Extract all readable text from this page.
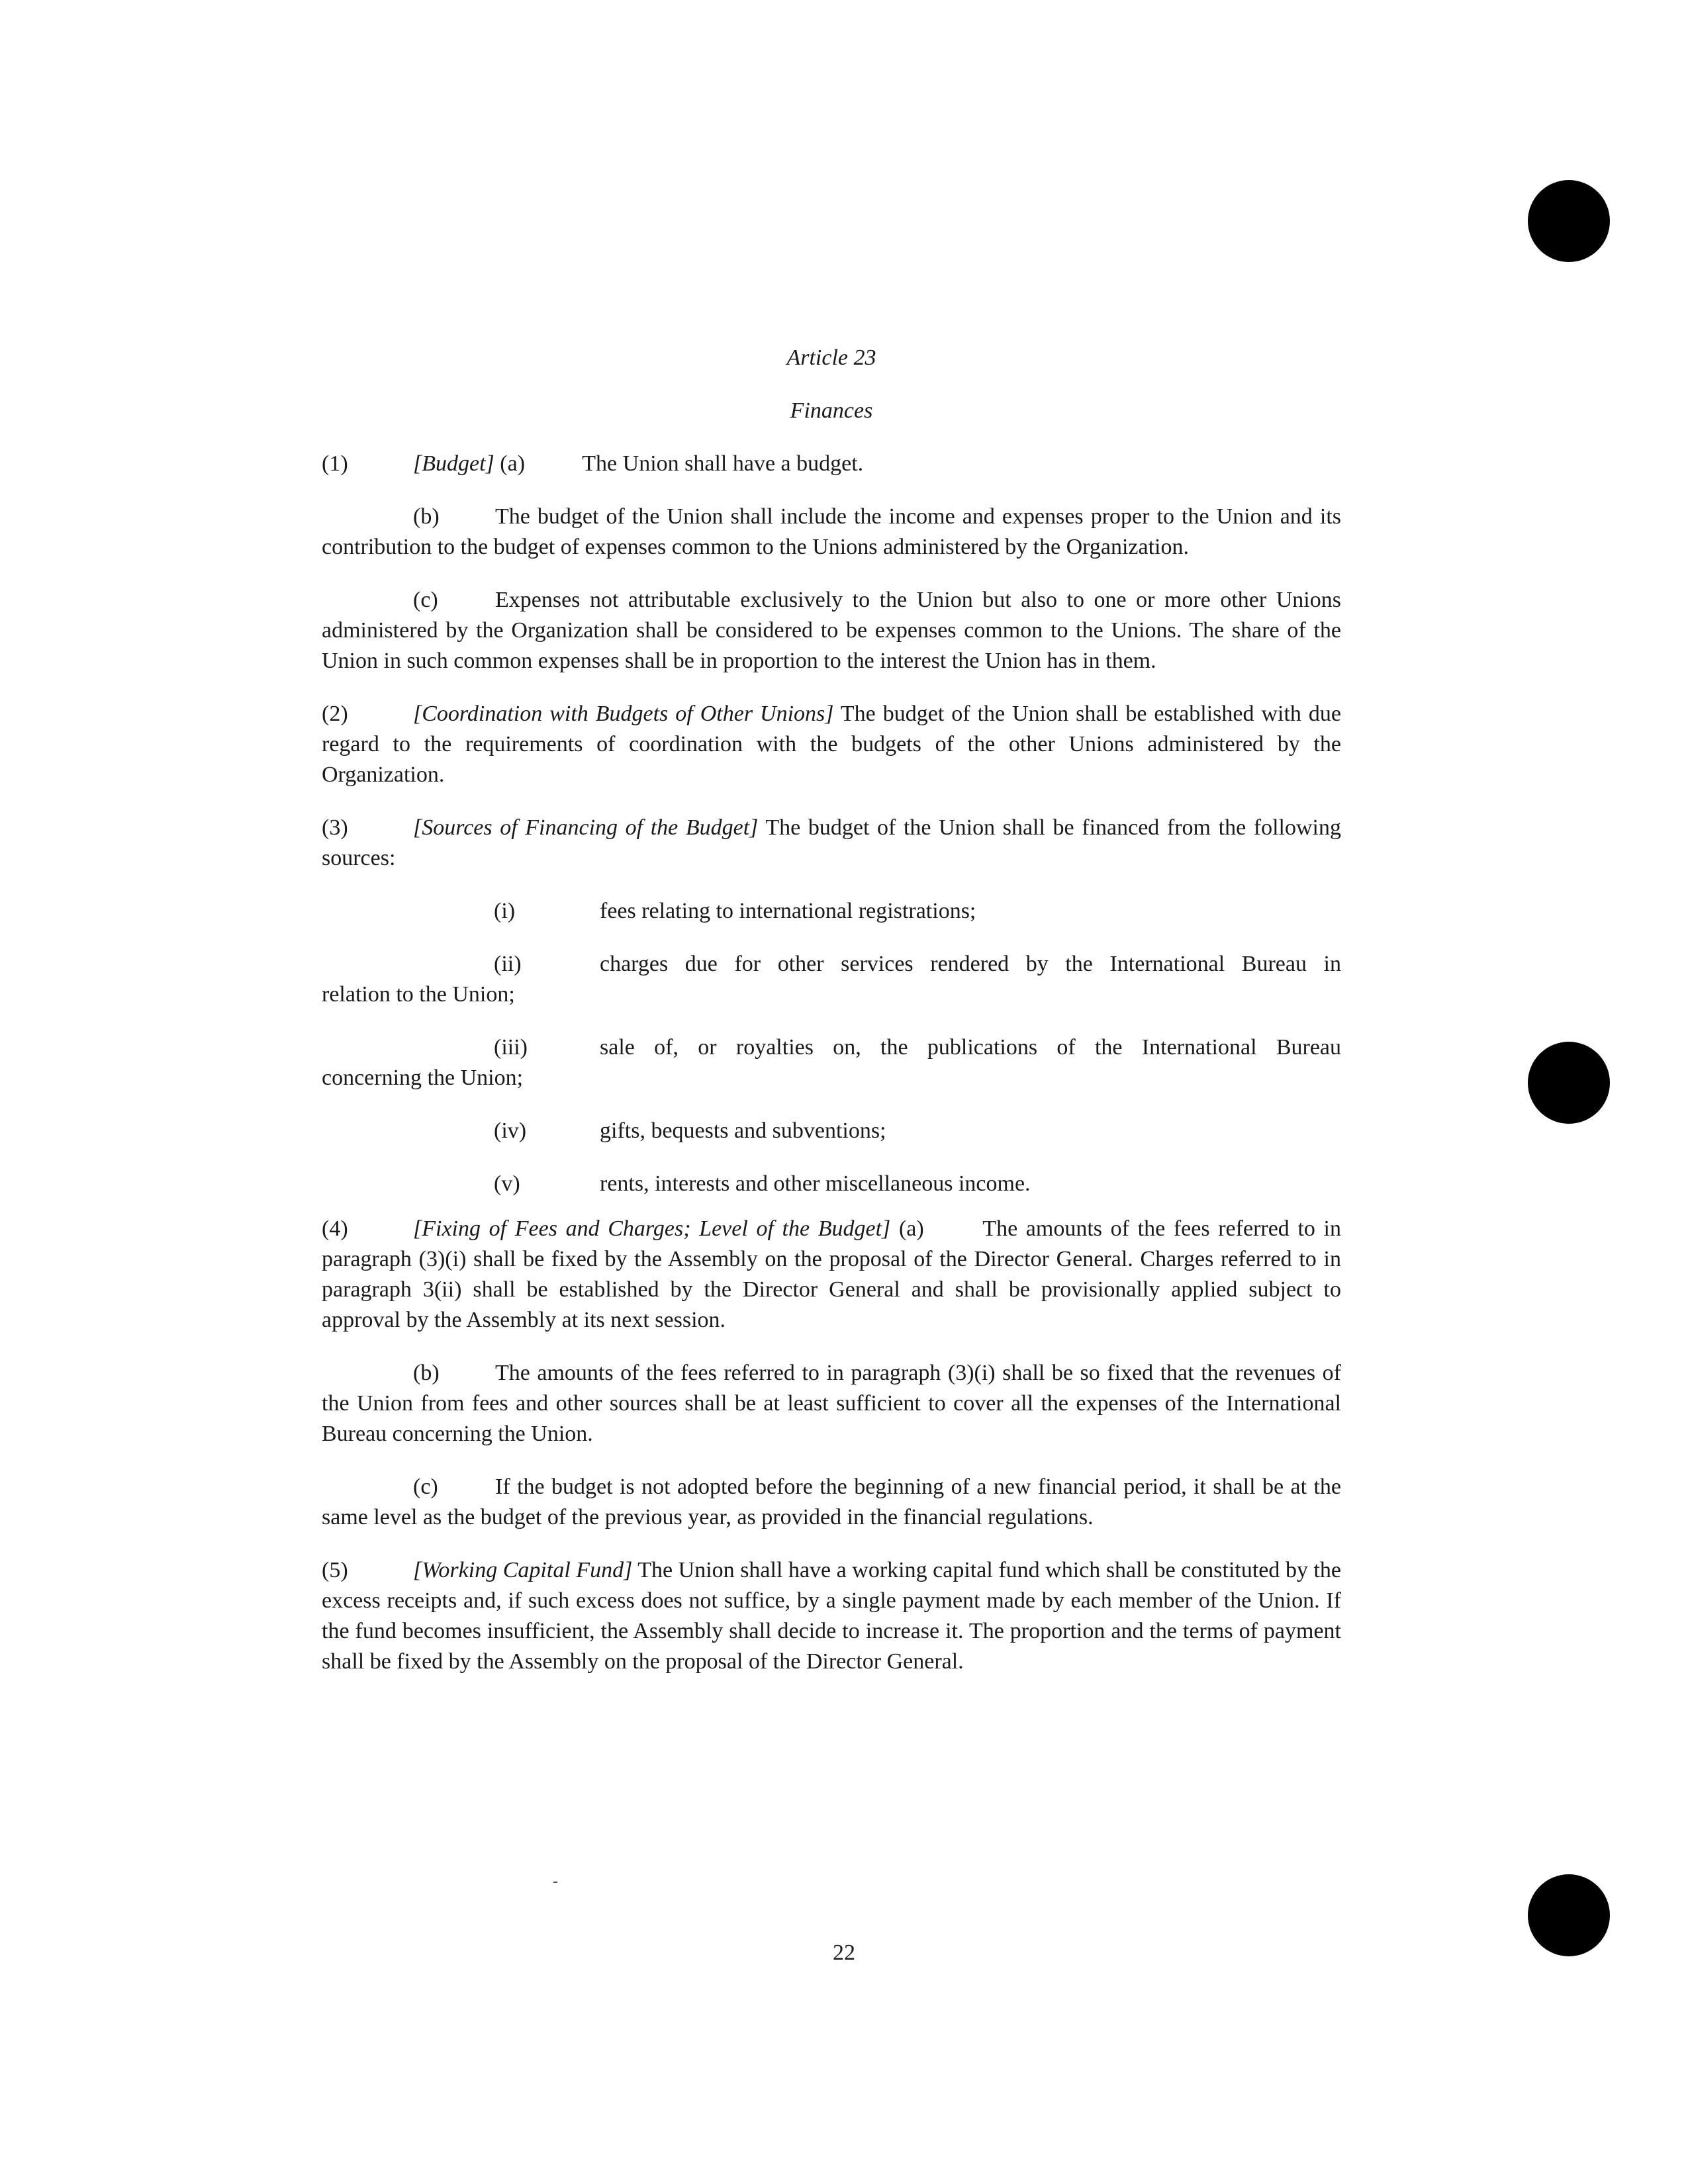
Article 23

Finances

(1)	[Budget] (a)	The Union shall have a budget.

(b) The budget of the Union shall include the income and expenses proper to the Union and its contribution to the budget of expenses common to the Unions administered by the Organization.

(c)	Expenses not attributable exclusively to the Union but also to one or more other Unions administered by the Organization shall be considered to be expenses common to the Unions. The share of the Union in such common expenses shall be in proportion to the interest the Union has in them.

(2)	[Coordination with Budgets of Other Unions] The budget of the Union shall be established with due regard to the requirements of coordination with the budgets of the other Unions administered by the Organization.

(3)	[Sources of Financing of the Budget] The budget of the Union shall be financed from the following sources:

(i)	fees relating to international registrations;
(ii)	charges due for other services rendered by the International Bureau in

relation to the Union;

(iii)	sale of, or royalties on, the publications of the International Bureau

concerning the Union;

(iv)	gifts, bequests and subventions;
(v)	rents, interests and other miscellaneous income.

(4)	[Fixing of Fees and Charges; Level of the Budget] (a)	The amounts of the fees referred to in paragraph (3)(i) shall be fixed by the Assembly on the proposal of the Director General. Charges referred to in paragraph 3(ii) shall be established by the Director General and shall be provisionally applied subject to approval by the Assembly at its next session.

(b) The amounts of the fees referred to in paragraph (3)(i) shall be so fixed that the revenues of the Union from fees and other sources shall be at least sufficient to cover all the expenses of the International Bureau concerning the Union.

(c)	If the budget is not adopted before the beginning of a new financial period, it shall be at the same level as the budget of the previous year, as provided in the financial regulations.

(5)	[Working Capital Fund] The Union shall have a working capital fund which shall be constituted by the excess receipts and, if such excess does not suffice, by a single payment made by each member of the Union. If the fund becomes insufficient, the Assembly shall decide to increase it. The proportion and the terms of payment shall be fixed by the Assembly on the proposal of the Director General.

22
